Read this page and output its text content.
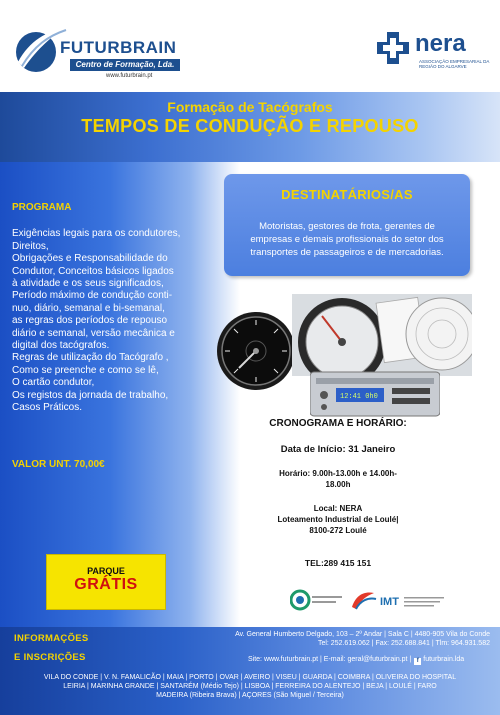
FUTURBRAIN
Centro de Formação, Lda.
www.futurbrain.pt
nera
ASSOCIAÇÃO EMPRESARIAL DA REGIÃO DO ALGARVE
Formação de Tacógrafos
TEMPOS DE CONDUÇÃO E REPOUSO
PROGRAMA
Exigências legais para os condutores,
Direitos,
Obrigações e Responsabilidade do
Condutor, Conceitos básicos ligados
à atividade e os seus significados,
Período máximo de condução conti-
nuo, diário, semanal e bi-semanal,
as regras dos períodos de repouso
diário e semanal, versão mecânica e
digital dos tacógrafos.
Regras de utilização do Tacógrafo ,
Como se preenche e como se lê,
O cartão condutor,
Os registos da jornada de trabalho,
Casos Práticos.
VALOR UNT. 70,00€
PARQUE
GRÁTIS
DESTINATÁRIOS/AS
Motoristas, gestores de frota, gerentes de
empresas e demais profissionais do setor dos
transportes de passageiros e de mercadorias.
12:41 0h0
CRONOGRAMA E HORÁRIO:
Data de Início: 31 Janeiro
Horário: 9.00h-13.00h e 14.00h-
18.00h
Local: NERA
Loteamento Industrial de Loulé|
8100-272 Loulé
TEL:289 415 151
IMT
INFORMAÇÕES
E INSCRIÇÕES
Av. General Humberto Delgado, 103 – 2º Andar | Sala C | 4480-905 Vila do Conde
Tel: 252.619.062 | Fax: 252.688.841 | Tlm: 964.931.582
Site: www.futurbrain.pt | E-mail: geral@futurbrain.pt | f futurbrain.lda
VILA DO CONDE | V. N. FAMALICÃO | MAIA | PORTO | OVAR | AVEIRO | VISEU | GUARDA | COIMBRA | OLIVEIRA DO HOSPITAL
LEIRIA | MARINHA GRANDE | SANTARÉM (Médio Tejo) | LISBOA | FERREIRA DO ALENTEJO | BEJA | LOULÉ | FARO
MADEIRA (Ribeira Brava) | AÇORES (São Miguel / Terceira)
